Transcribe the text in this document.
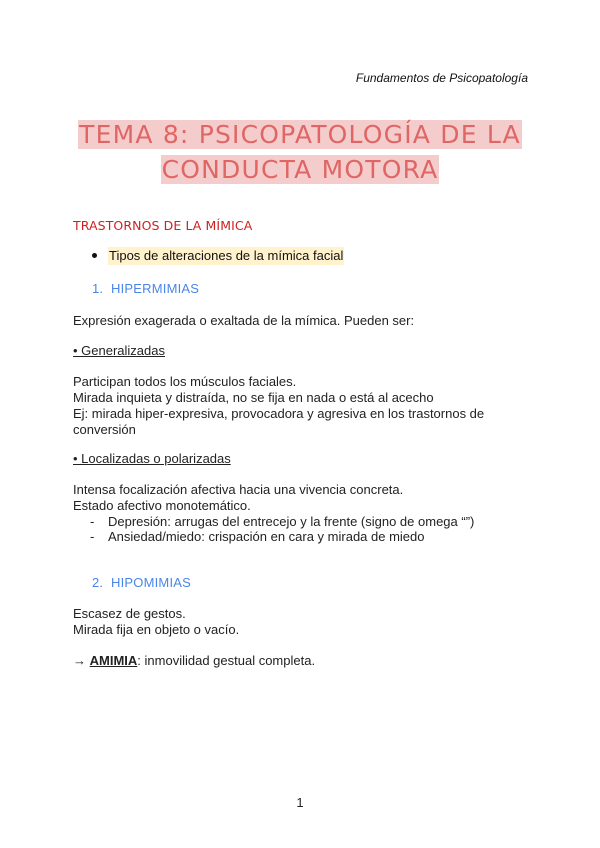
Fundamentos de Psicopatología
TEMA 8: PSICOPATOLOGÍA DE LA
CONDUCTA MOTORA
TRASTORNOS DE LA MÍMICA
Tipos de alteraciones de la mímica facial
1. HIPERMIMIAS
Expresión exagerada o exaltada de la mímica. Pueden ser:
• Generalizadas
Participan todos los músculos faciales.
Mirada inquieta y distraída, no se fija en nada o está al acecho
Ej: mirada hiper-expresiva, provocadora y agresiva en los trastornos de
conversión
• Localizadas o polarizadas
Intensa focalización afectiva hacia una vivencia concreta.
Estado afectivo monotemático.
- Depresión: arrugas del entrecejo y la frente (signo de omega “”)
- Ansiedad/miedo: crispación en cara y mirada de miedo
2. HIPOMIMIAS
Escasez de gestos.
Mirada fija en objeto o vacío.
→ AMIMIA: inmovilidad gestual completa.
1
